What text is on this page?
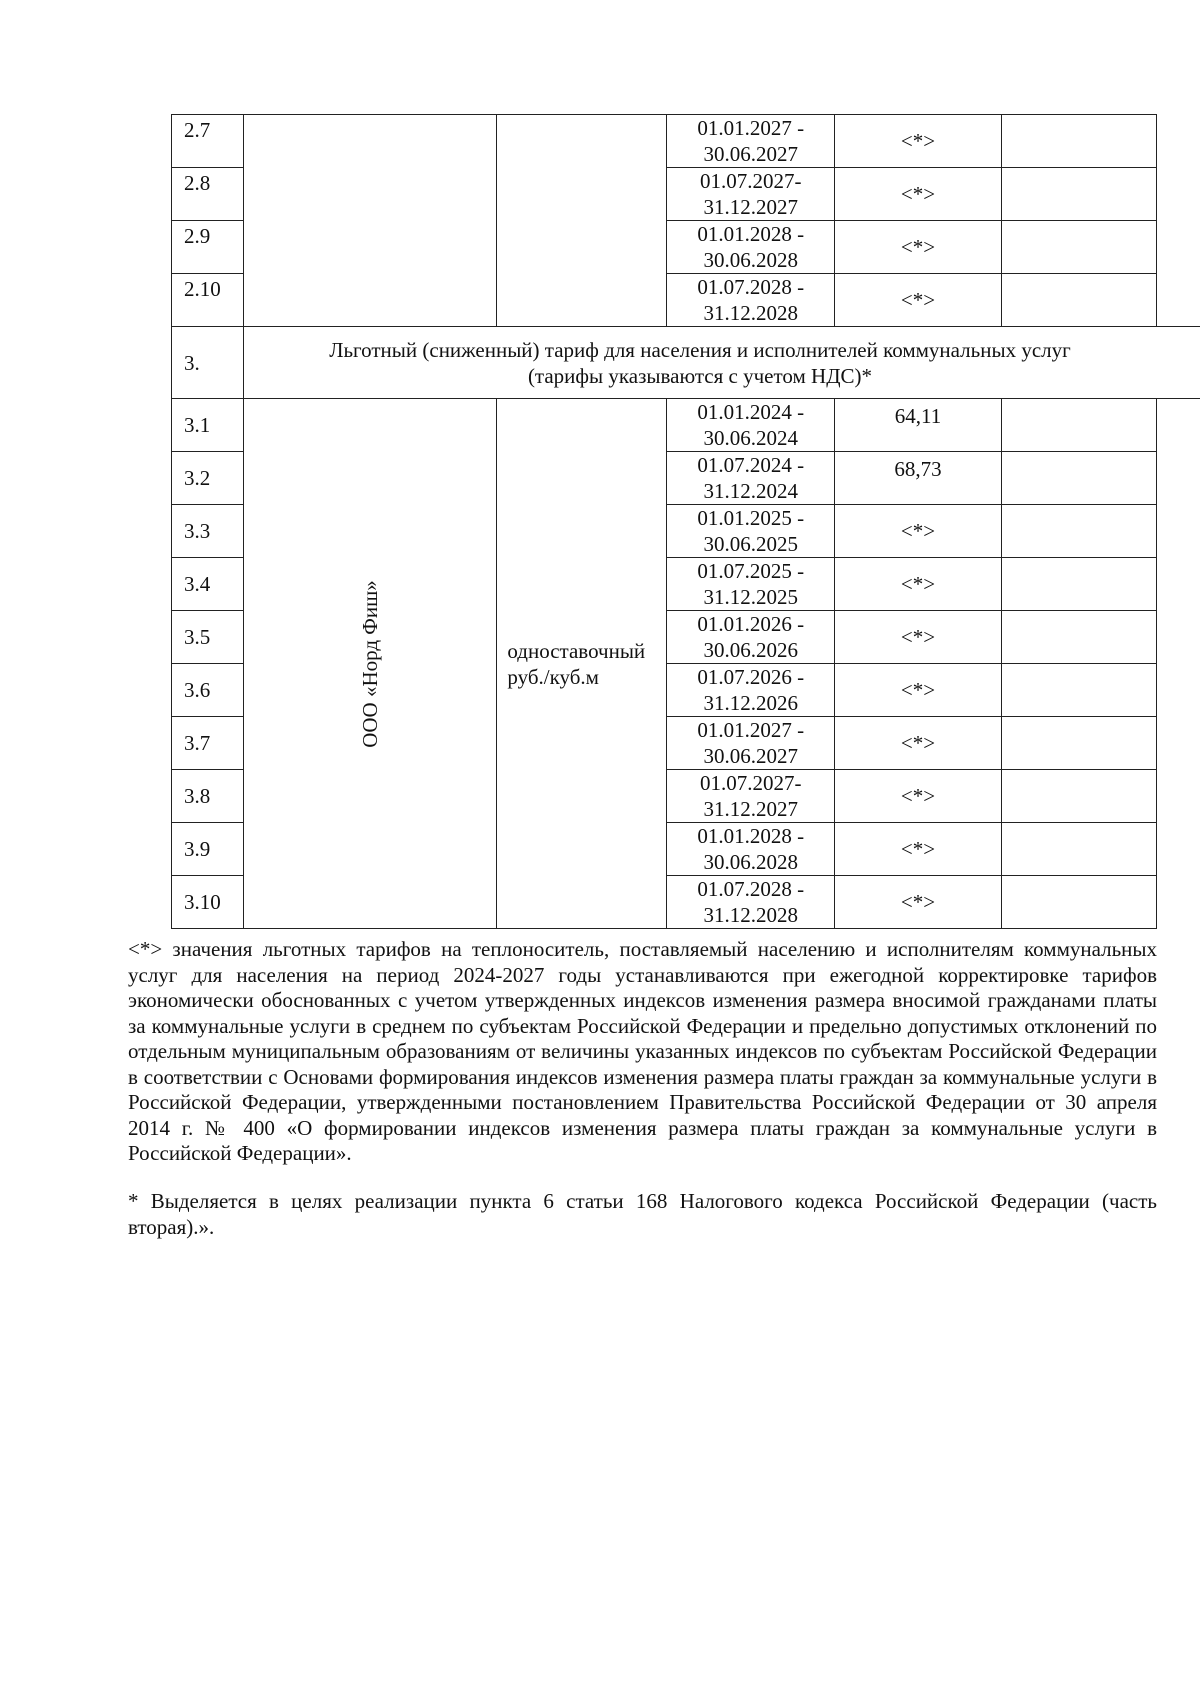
2.7			01.01.2027 -
30.06.2027	<*>		
2.8			01.07.2027-
31.12.2027	<*>		
2.9			01.01.2028 -
30.06.2028	<*>		
2.10			01.07.2028 -
31.12.2028	<*>		
3.	Льготный (сниженный) тариф для населения и исполнителей коммунальных услуг
(тарифы указываются с учетом НДС)*					

3.1	ООО «Норд Фиш»	одноставочный
руб./куб.м	01.01.2024 -
30.06.2024	64,11		
3.2			01.07.2024 -
31.12.2024	68,73		
3.3			01.01.2025 -
30.06.2025	<*>		
3.4			01.07.2025 -
31.12.2025	<*>		
3.5			01.01.2026 -
30.06.2026	<*>		
3.6			01.07.2026 -
31.12.2026	<*>		
3.7			01.01.2027 -
30.06.2027	<*>		
3.8			01.07.2027-
31.12.2027	<*>		
3.9			01.01.2028 -
30.06.2028	<*>		
3.10			01.07.2028 -
31.12.2028	<*>		

<*> значения льготных тарифов на теплоноситель, поставляемый населению и исполнителям коммунальных услуг для населения на период 2024-2027 годы устанавливаются при ежегодной корректировке тарифов экономически обоснованных с учетом утвержденных индексов изменения размера вносимой гражданами платы за коммунальные услуги в среднем по субъектам Российской Федерации и предельно допустимых отклонений по отдельным муниципальным образованиям от величины указанных индексов по субъектам Российской Федерации в соответствии с Основами формирования индексов изменения размера платы граждан за коммунальные услуги в Российской Федерации, утвержденными постановлением Правительства Российской Федерации от 30 апреля 2014 г. № 400 «О формировании индексов изменения размера платы граждан за коммунальные услуги в Российской Федерации».

* Выделяется в целях реализации пункта 6 статьи 168 Налогового кодекса Российской Федерации (часть вторая).».
